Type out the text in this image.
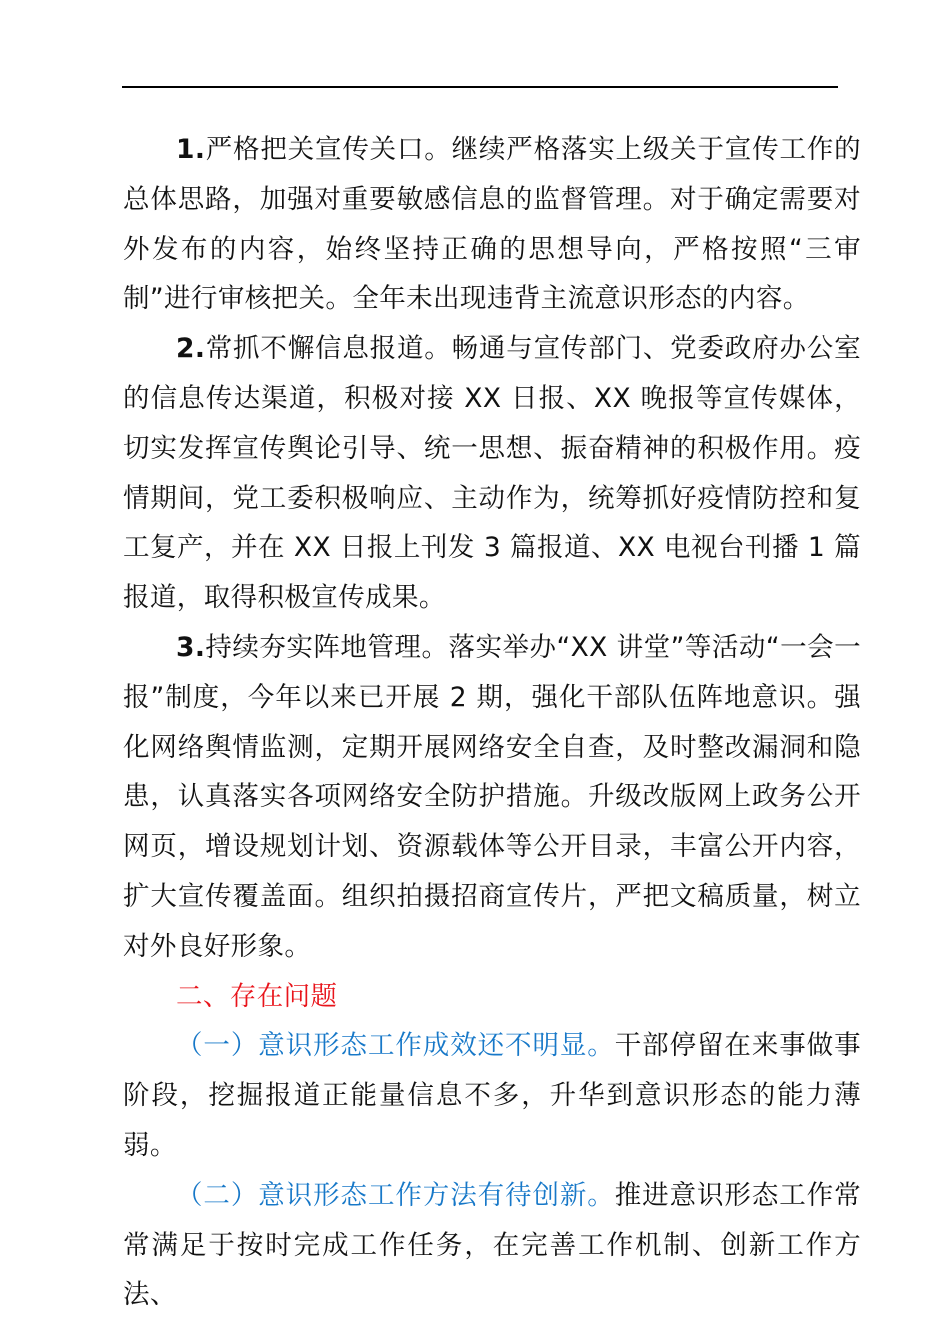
1.严格把关宣传关口。继续严格落实上级关于宣传工作的总体思路，加强对重要敏感信息的监督管理。对于确定需要对外发布的内容，始终坚持正确的思想导向，严格按照“三审制”进行审核把关。全年未出现违背主流意识形态的内容。

2.常抓不懈信息报道。畅通与宣传部门、党委政府办公室的信息传达渠道，积极对接 XX 日报、XX 晚报等宣传媒体，切实发挥宣传舆论引导、统一思想、振奋精神的积极作用。疫情期间，党工委积极响应、主动作为，统筹抓好疫情防控和复工复产，并在 XX 日报上刊发 3 篇报道、XX 电视台刊播 1 篇报道，取得积极宣传成果。

3.持续夯实阵地管理。落实举办“XX 讲堂”等活动“一会一报”制度，今年以来已开展 2 期，强化干部队伍阵地意识。强化网络舆情监测，定期开展网络安全自查，及时整改漏洞和隐患，认真落实各项网络安全防护措施。升级改版网上政务公开网页，增设规划计划、资源载体等公开目录，丰富公开内容，扩大宣传覆盖面。组织拍摄招商宣传片，严把文稿质量，树立对外良好形象。

二、存在问题

（一）意识形态工作成效还不明显。干部停留在来事做事阶段，挖掘报道正能量信息不多，升华到意识形态的能力薄弱。

（二）意识形态工作方法有待创新。推进意识形态工作常常满足于按时完成工作任务，在完善工作机制、创新工作方法、
